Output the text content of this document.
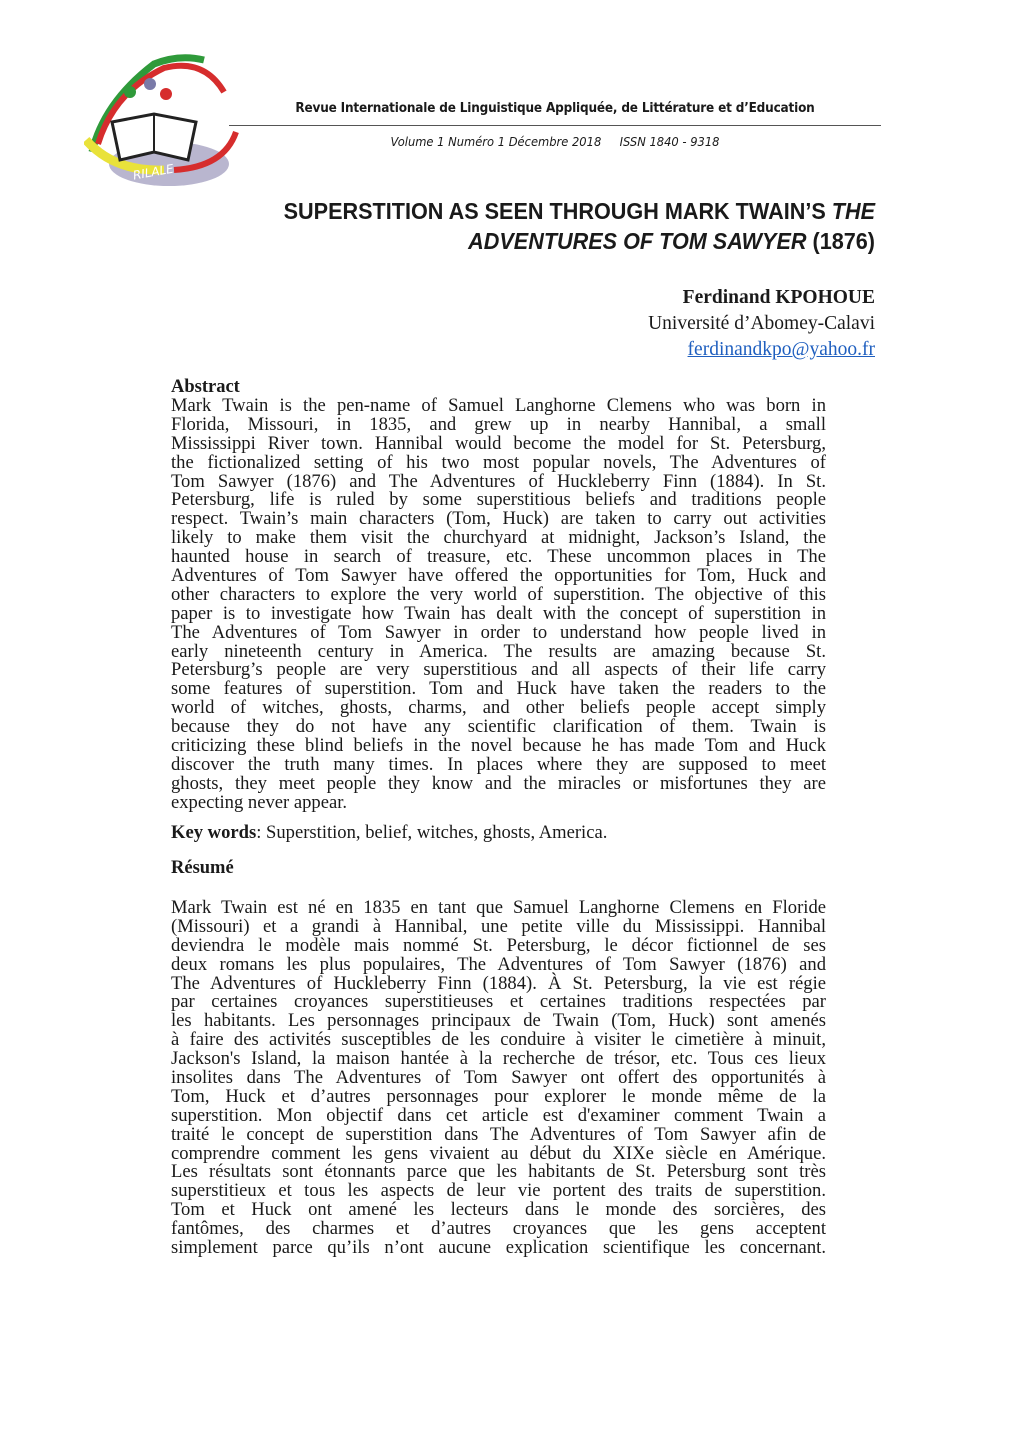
RILALE
Revue Internationale de Linguistique Appliquée, de Littérature et d’Education
Volume 1 Numéro 1 Décembre 2018 ISSN 1840 - 9318
SUPERSTITION AS SEEN THROUGH MARK TWAIN’S THE
ADVENTURES OF TOM SAWYER (1876)
Ferdinand KPOHOUE
Université d’Abomey-Calavi
ferdinandkpo@yahoo.fr
Abstract
Mark Twain is the pen-name of Samuel Langhorne Clemens who was born in
Florida, Missouri, in 1835, and grew up in nearby Hannibal, a small
Mississippi River town. Hannibal would become the model for St. Petersburg,
the fictionalized setting of his two most popular novels, The Adventures of
Tom Sawyer (1876) and The Adventures of Huckleberry Finn (1884). In St.
Petersburg, life is ruled by some superstitious beliefs and traditions people
respect. Twain’s main characters (Tom, Huck) are taken to carry out activities
likely to make them visit the churchyard at midnight, Jackson’s Island, the
haunted house in search of treasure, etc. These uncommon places in The
Adventures of Tom Sawyer have offered the opportunities for Tom, Huck and
other characters to explore the very world of superstition. The objective of this
paper is to investigate how Twain has dealt with the concept of superstition in
The Adventures of Tom Sawyer in order to understand how people lived in
early nineteenth century in America. The results are amazing because St.
Petersburg’s people are very superstitious and all aspects of their life carry
some features of superstition. Tom and Huck have taken the readers to the
world of witches, ghosts, charms, and other beliefs people accept simply
because they do not have any scientific clarification of them. Twain is
criticizing these blind beliefs in the novel because he has made Tom and Huck
discover the truth many times. In places where they are supposed to meet
ghosts, they meet people they know and the miracles or misfortunes they are
expecting never appear.
Key words: Superstition, belief, witches, ghosts, America.
Résumé
Mark Twain est né en 1835 en tant que Samuel Langhorne Clemens en Floride
(Missouri) et a grandi à Hannibal, une petite ville du Mississippi. Hannibal
deviendra le modèle mais nommé St. Petersburg, le décor fictionnel de ses
deux romans les plus populaires, The Adventures of Tom Sawyer (1876) and
The Adventures of Huckleberry Finn (1884). À St. Petersburg, la vie est régie
par certaines croyances superstitieuses et certaines traditions respectées par
les habitants. Les personnages principaux de Twain (Tom, Huck) sont amenés
à faire des activités susceptibles de les conduire à visiter le cimetière à minuit,
Jackson's Island, la maison hantée à la recherche de trésor, etc. Tous ces lieux
insolites dans The Adventures of Tom Sawyer ont offert des opportunités à
Tom, Huck et d’autres personnages pour explorer le monde même de la
superstition. Mon objectif dans cet article est d'examiner comment Twain a
traité le concept de superstition dans The Adventures of Tom Sawyer afin de
comprendre comment les gens vivaient au début du XIXe siècle en Amérique.
Les résultats sont étonnants parce que les habitants de St. Petersburg sont très
superstitieux et tous les aspects de leur vie portent des traits de superstition.
Tom et Huck ont amené les lecteurs dans le monde des sorcières, des
fantômes, des charmes et d’autres croyances que les gens acceptent
simplement parce qu’ils n’ont aucune explication scientifique les concernant.
